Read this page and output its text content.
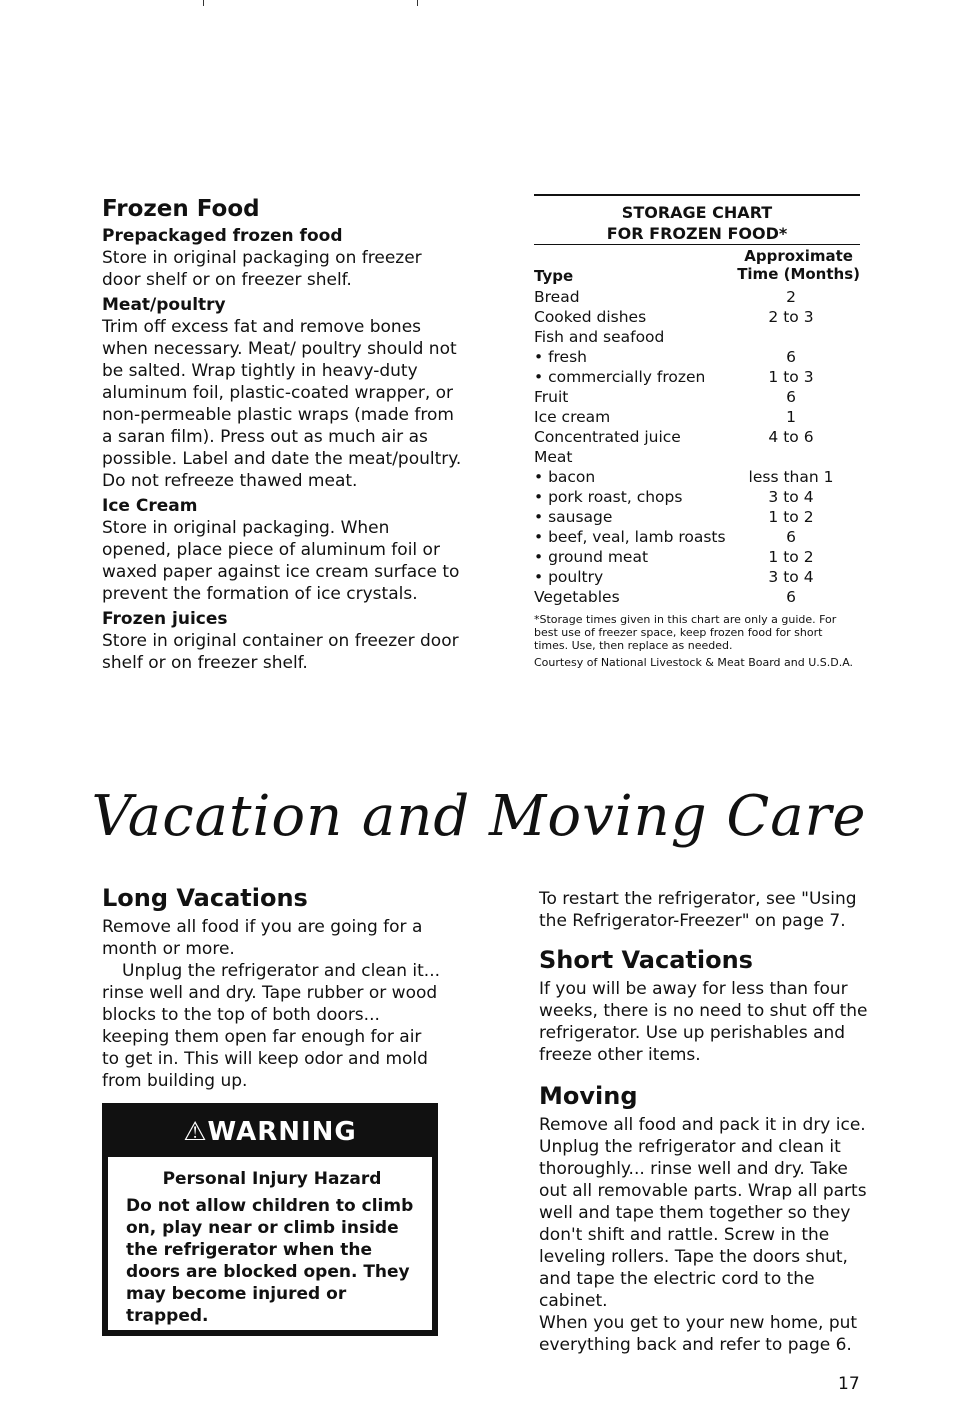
Frozen Food
Prepackaged frozen food

Store in original packaging on freezer door shelf or on freezer shelf.

Meat/poultry

Trim off excess fat and remove bones when necessary. Meat/ poultry should not be salted. Wrap tightly in heavy-duty aluminum foil, plastic-coated wrapper, or non-permeable plastic wraps (made from a saran film). Press out as much air as possible. Label and date the meat/poultry. Do not refreeze thawed meat.

Ice Cream

Store in original packaging. When opened, place piece of aluminum foil or waxed paper against ice cream surface to prevent the formation of ice crystals.

Frozen juices

Store in original container on freezer door shelf or on freezer shelf.

STORAGE CHART
FOR FROZEN FOOD*
Type
Approximate
Time (Months)
Bread	2
Cooked dishes	2 to 3
Fish and seafood
• fresh	6
• commercially frozen	1 to 3
Fruit	6
Ice cream	1
Concentrated juice	4 to 6
Meat
• bacon	less than 1
• pork roast, chops	3 to 4
• sausage	1 to 2
• beef, veal, lamb roasts	6
• ground meat	1 to 2
• poultry	3 to 4
Vegetables	6
*Storage times given in this chart are only a guide. For best use of freezer space, keep frozen food for short times. Use, then replace as needed.
Courtesy of National Livestock & Meat Board and U.S.D.A.
Vacation and Moving Care
Long Vacations

Remove all food if you are going for a month or more.

Unplug the refrigerator and clean it... rinse well and dry. Tape rubber or wood blocks to the top of both doors... keeping them open far enough for air to get in. This will keep odor and mold from building up.

⚠WARNING
Personal Injury Hazard
Do not allow children to climb on, play near or climb inside the refrigerator when the doors are blocked open. They may become injured or trapped.

To restart the refrigerator, see "Using the Refrigerator-Freezer" on page 7.

Short Vacations

If you will be away for less than four weeks, there is no need to shut off the refrigerator. Use up perishables and freeze other items.

Moving

Remove all food and pack it in dry ice. Unplug the refrigerator and clean it thoroughly... rinse well and dry. Take out all removable parts. Wrap all parts well and tape them together so they don't shift and rattle. Screw in the leveling rollers. Tape the doors shut, and tape the electric cord to the cabinet.

When you get to your new home, put everything back and refer to page 6.

17
